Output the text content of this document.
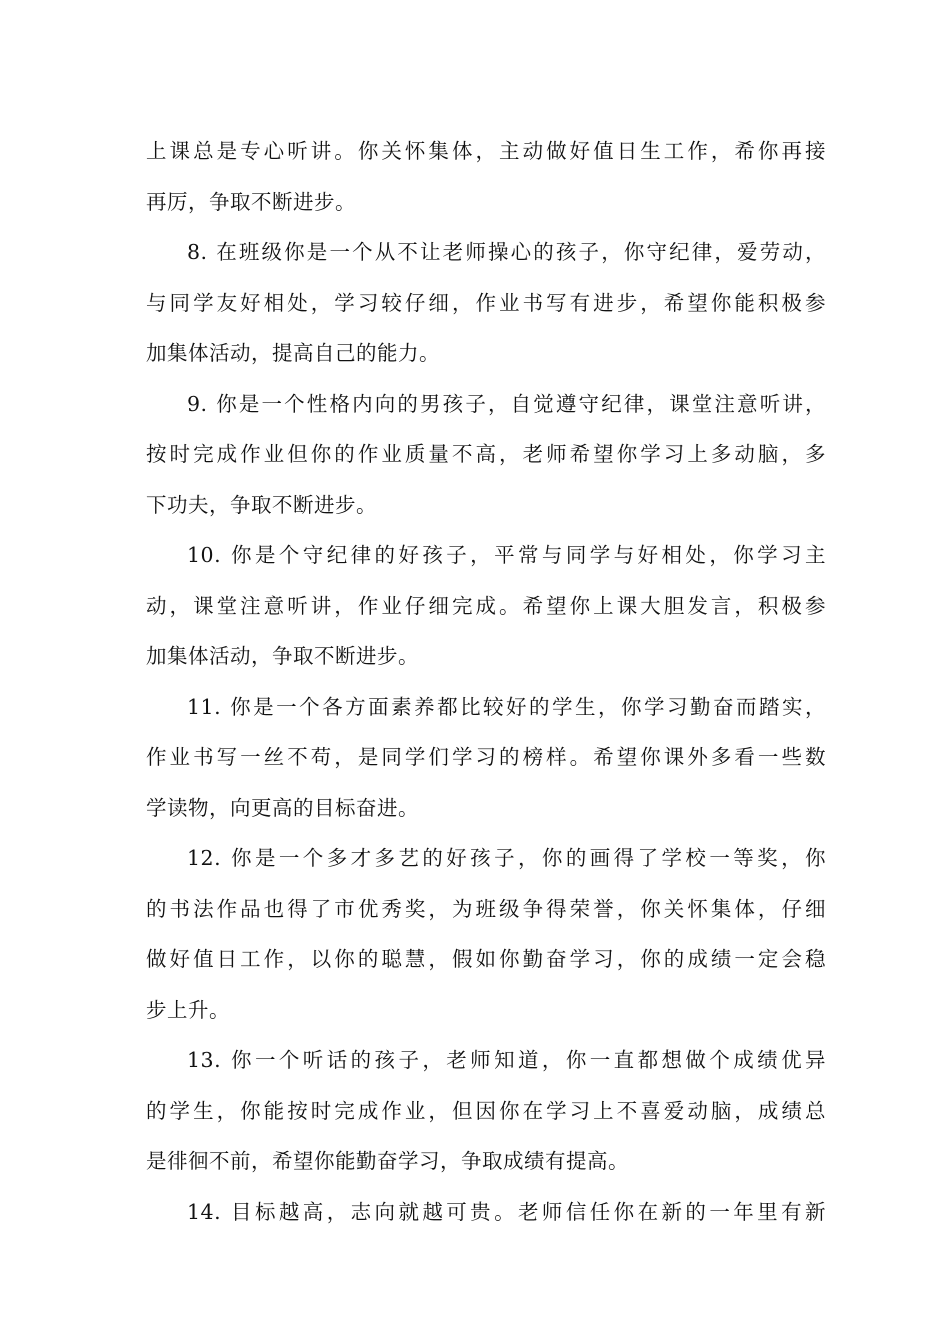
上课总是专心听讲。你关怀集体，主动做好值日生工作，希你再接
再厉，争取不断进步。
8. 在班级你是一个从不让老师操心的孩子，你守纪律，爱劳动，
与同学友好相处，学习较仔细，作业书写有进步，希望你能积极参
加集体活动，提高自己的能力。
9. 你是一个性格内向的男孩子，自觉遵守纪律，课堂注意听讲，
按时完成作业但你的作业质量不高，老师希望你学习上多动脑，多
下功夫，争取不断进步。
10. 你是个守纪律的好孩子，平常与同学与好相处，你学习主
动，课堂注意听讲，作业仔细完成。希望你上课大胆发言，积极参
加集体活动，争取不断进步。
11. 你是一个各方面素养都比较好的学生，你学习勤奋而踏实，
作业书写一丝不苟，是同学们学习的榜样。希望你课外多看一些数
学读物，向更高的目标奋进。
12. 你是一个多才多艺的好孩子，你的画得了学校一等奖，你
的书法作品也得了市优秀奖，为班级争得荣誉，你关怀集体，仔细
做好值日工作，以你的聪慧，假如你勤奋学习，你的成绩一定会稳
步上升。
13. 你一个听话的孩子，老师知道，你一直都想做个成绩优异
的学生，你能按时完成作业，但因你在学习上不喜爱动脑，成绩总
是徘徊不前，希望你能勤奋学习，争取成绩有提高。
14. 目标越高，志向就越可贵。老师信任你在新的一年里有新
